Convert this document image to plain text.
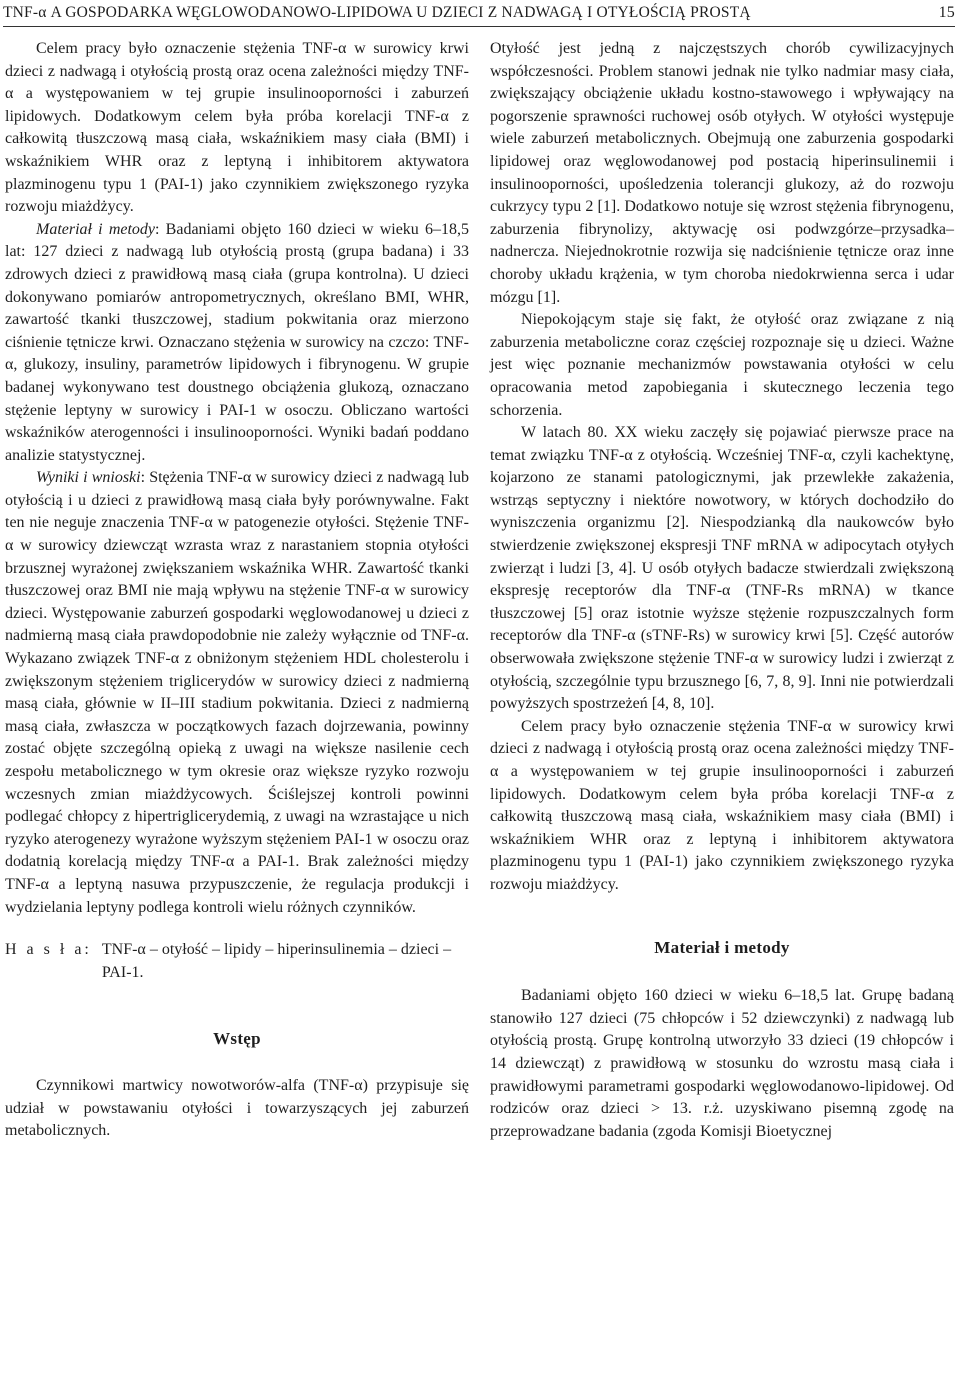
TNF-α A GOSPODARKA WĘGLOWODANOWO-LIPIDOWA U DZIECI Z NADWAGĄ I OTYŁOŚCIĄ PROSTĄ	15

Celem pracy było oznaczenie stężenia TNF-α w surowicy krwi dzieci z nadwagą i otyłością prostą oraz ocena zależności między TNF-α a występowaniem w tej grupie insulinooporności i zaburzeń lipidowych. Dodatkowym celem była próba korelacji TNF-α z całkowitą tłuszczową masą ciała, wskaźnikiem masy ciała (BMI) i wskaźnikiem WHR oraz z leptyną i inhibitorem aktywatora plazminogenu typu 1 (PAI-1) jako czynnikiem zwiększonego ryzyka rozwoju miażdżycy.

Materiał i metody: Badaniami objęto 160 dzieci w wieku 6–18,5 lat: 127 dzieci z nadwagą lub otyłością prostą (grupa badana) i 33 zdrowych dzieci z prawidłową masą ciała (grupa kontrolna). U dzieci dokonywano pomiarów antropometrycznych, określano BMI, WHR, zawartość tkanki tłuszczowej, stadium pokwitania oraz mierzono ciśnienie tętnicze krwi. Oznaczano stężenia w surowicy na czczo: TNF-α, glukozy, insuliny, parametrów lipidowych i fibrynogenu. W grupie badanej wykonywano test doustnego obciążenia glukozą, oznaczano stężenie leptyny w surowicy i PAI-1 w osoczu. Obliczano wartości wskaźników aterogenności i insulinooporności. Wyniki badań poddano analizie statystycznej.

Wyniki i wnioski: Stężenia TNF-α w surowicy dzieci z nadwagą lub otyłością i u dzieci z prawidłową masą ciała były porównywalne. Fakt ten nie neguje znaczenia TNF-α w patogenezie otyłości. Stężenie TNF-α w surowicy dziewcząt wzrasta wraz z narastaniem stopnia otyłości brzusznej wyrażonej zwiększaniem wskaźnika WHR. Zawartość tkanki tłuszczowej oraz BMI nie mają wpływu na stężenie TNF-α w surowicy dzieci. Występowanie zaburzeń gospodarki węglowodanowej u dzieci z nadmierną masą ciała prawdopodobnie nie zależy wyłącznie od TNF-α. Wykazano związek TNF-α z obniżonym stężeniem HDL cholesterolu i zwiększonym stężeniem triglicerydów w surowicy dzieci z nadmierną masą ciała, głównie w II–III stadium pokwitania. Dzieci z nadmierną masą ciała, zwłaszcza w początkowych fazach dojrzewania, powinny zostać objęte szczególną opieką z uwagi na większe nasilenie cech zespołu metabolicznego w tym okresie oraz większe ryzyko rozwoju wczesnych zmian miażdżycowych. Ściślejszej kontroli powinni podlegać chłopcy z hipertriglicerydemią, z uwagi na wzrastające u nich ryzyko aterogenezy wyrażone wyższym stężeniem PAI-1 w osoczu oraz dodatnią korelacją między TNF-α a PAI-1. Brak zależności między TNF-α a leptyną nasuwa przypuszczenie, że regulacja produkcji i wydzielania leptyny podlega kontroli wielu różnych czynników.

H a s ł a: TNF-α – otyłość – lipidy – hiperinsulinemia – dzieci – PAI-1.
Wstęp

Czynnikowi martwicy nowotworów-alfa (TNF-α) przypisuje się udział w powstawaniu otyłości i towarzyszących jej zaburzeń metabolicznych.

Otyłość jest jedną z najczęstszych chorób cywilizacyjnych współczesności. Problem stanowi jednak nie tylko nadmiar masy ciała, zwiększający obciążenie układu kostno-stawowego i wpływający na pogorszenie sprawności ruchowej osób otyłych. W otyłości występuje wiele zaburzeń metabolicznych. Obejmują one zaburzenia gospodarki lipidowej oraz węglowodanowej pod postacią hiperinsulinemii i insulinooporności, upośledzenia tolerancji glukozy, aż do rozwoju cukrzycy typu 2 [1]. Dodatkowo notuje się wzrost stężenia fibrynogenu, zaburzenia fibrynolizy, aktywację osi podwzgórze–przysadka–nadnercza. Niejednokrotnie rozwija się nadciśnienie tętnicze oraz inne choroby układu krążenia, w tym choroba niedokrwienna serca i udar mózgu [1].

Niepokojącym staje się fakt, że otyłość oraz związane z nią zaburzenia metaboliczne coraz częściej rozpoznaje się u dzieci. Ważne jest więc poznanie mechanizmów powstawania otyłości w celu opracowania metod zapobiegania i skutecznego leczenia tego schorzenia.

W latach 80. XX wieku zaczęły się pojawiać pierwsze prace na temat związku TNF-α z otyłością. Wcześniej TNF-α, czyli kachektynę, kojarzono ze stanami patologicznymi, jak przewlekłe zakażenia, wstrząs septyczny i niektóre nowotwory, w których dochodziło do wyniszczenia organizmu [2]. Niespodzianką dla naukowców było stwierdzenie zwiększonej ekspresji TNF mRNA w adipocytach otyłych zwierząt i ludzi [3, 4]. U osób otyłych badacze stwierdzali zwiększoną ekspresję receptorów dla TNF-α (TNF-Rs mRNA) w tkance tłuszczowej [5] oraz istotnie wyższe stężenie rozpuszczalnych form receptorów dla TNF-α (sTNF-Rs) w surowicy krwi [5]. Część autorów obserwowała zwiększone stężenie TNF-α w surowicy ludzi i zwierząt z otyłością, szczególnie typu brzusznego [6, 7, 8, 9]. Inni nie potwierdzali powyższych spostrzeżeń [4, 8, 10].

Celem pracy było oznaczenie stężenia TNF-α w surowicy krwi dzieci z nadwagą i otyłością prostą oraz ocena zależności między TNF-α a występowaniem w tej grupie insulinooporności i zaburzeń lipidowych. Dodatkowym celem była próba korelacji TNF-α z całkowitą tłuszczową masą ciała, wskaźnikiem masy ciała (BMI) i wskaźnikiem WHR oraz z leptyną i inhibitorem aktywatora plazminogenu typu 1 (PAI-1) jako czynnikiem zwiększonego ryzyka rozwoju miażdżycy.

Materiał i metody

Badaniami objęto 160 dzieci w wieku 6–18,5 lat. Grupę badaną stanowiło 127 dzieci (75 chłopców i 52 dziewczynki) z nadwagą lub otyłością prostą. Grupę kontrolną utworzyło 33 dzieci (19 chłopców i 14 dziewcząt) z prawidłową w stosunku do wzrostu masą ciała i prawidłowymi parametrami gospodarki węglowodanowo-lipidowej. Od rodziców oraz dzieci > 13. r.ż. uzyskiwano pisemną zgodę na przeprowadzane badania (zgoda Komisji Bioetycznej
